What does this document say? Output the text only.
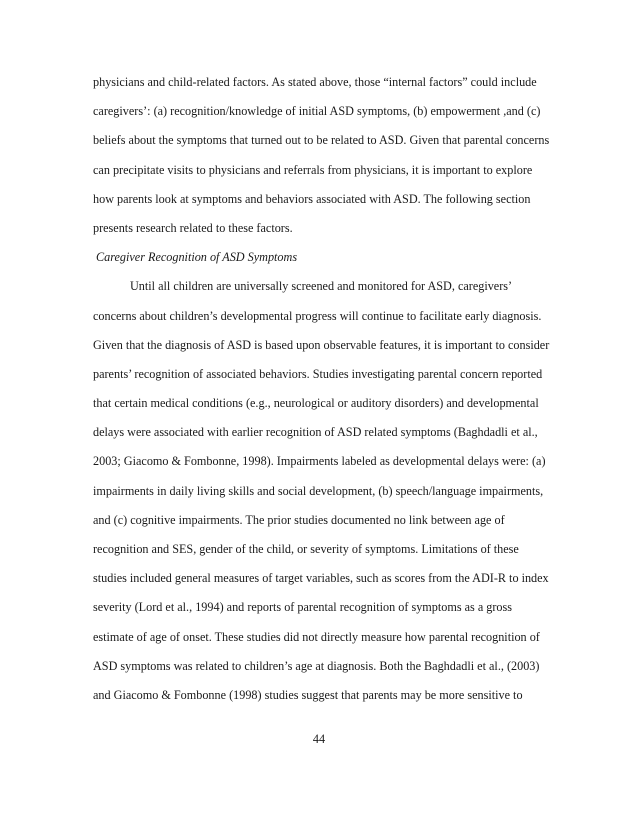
physicians and child-related factors. As stated above, those “internal factors” could include
caregivers’: (a) recognition/knowledge of initial ASD symptoms, (b) empowerment ,and (c)
beliefs about the symptoms that turned out to be related to ASD. Given that parental concerns
can precipitate visits to physicians and referrals from physicians, it is important to explore
how parents look at symptoms and behaviors associated with ASD. The following section
presents research related to these factors.
Caregiver Recognition of ASD Symptoms
Until all children are universally screened and monitored for ASD, caregivers’
concerns about children’s developmental progress will continue to facilitate early diagnosis.
Given that the diagnosis of ASD is based upon observable features, it is important to consider
parents’ recognition of associated behaviors. Studies investigating parental concern reported
that certain medical conditions (e.g., neurological or auditory disorders) and developmental
delays were associated with earlier recognition of ASD related symptoms (Baghdadli et al.,
2003; Giacomo & Fombonne, 1998). Impairments labeled as developmental delays were: (a)
impairments in daily living skills and social development, (b) speech/language impairments,
and (c) cognitive impairments. The prior studies documented no link between age of
recognition and SES, gender of the child, or severity of symptoms. Limitations of these
studies included general measures of target variables, such as scores from the ADI-R to index
severity (Lord et al., 1994) and reports of parental recognition of symptoms as a gross
estimate of age of onset. These studies did not directly measure how parental recognition of
ASD symptoms was related to children’s age at diagnosis. Both the Baghdadli et al., (2003)
and Giacomo & Fombonne (1998) studies suggest that parents may be more sensitive to
44
